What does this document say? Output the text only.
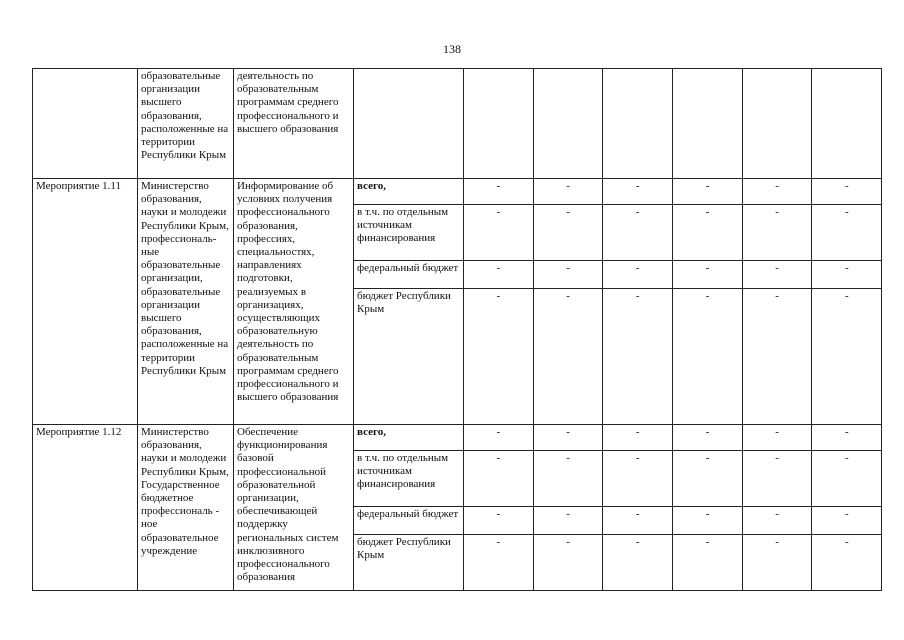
138
	образовательные организации высшего образования, расположенные на территории Республики Крым	деятельность по образовательным программам среднего профессионального и высшего образования							
Мероприятие 1.11	Министерство образования, науки и молодежи Республики Крым, профессиональ-ные образовательные организации, образовательные организации высшего образования, расположенные на территории Республики Крым	Информирование об условиях получения профессионального образования, профессиях, специальностях, направлениях подготовки, реализуемых в организациях, осуществляющих образовательную деятельность по образовательным программам среднего профессионального и высшего образования	всего,	-	-	-	-	-	-
			в т.ч. по отдельным источникам финансирования	-	-	-	-	-	-
			федеральный бюджет	-	-	-	-	-	-
			бюджет Республики Крым	-	-	-	-	-	-
Мероприятие 1.12	Министерство образования, науки и молодежи Республики Крым, Государственное бюджетное профессиональ - ное образовательное учреждение	Обеспечение функционирования базовой профессиональной образовательной организации, обеспечивающей поддержку региональных систем инклюзивного профессионального образования	всего,	-	-	-	-	-	-
			в т.ч. по отдельным источникам финансирования	-	-	-	-	-	-
			федеральный бюджет	-	-	-	-	-	-
			бюджет Республики Крым	-	-	-	-	-	-
